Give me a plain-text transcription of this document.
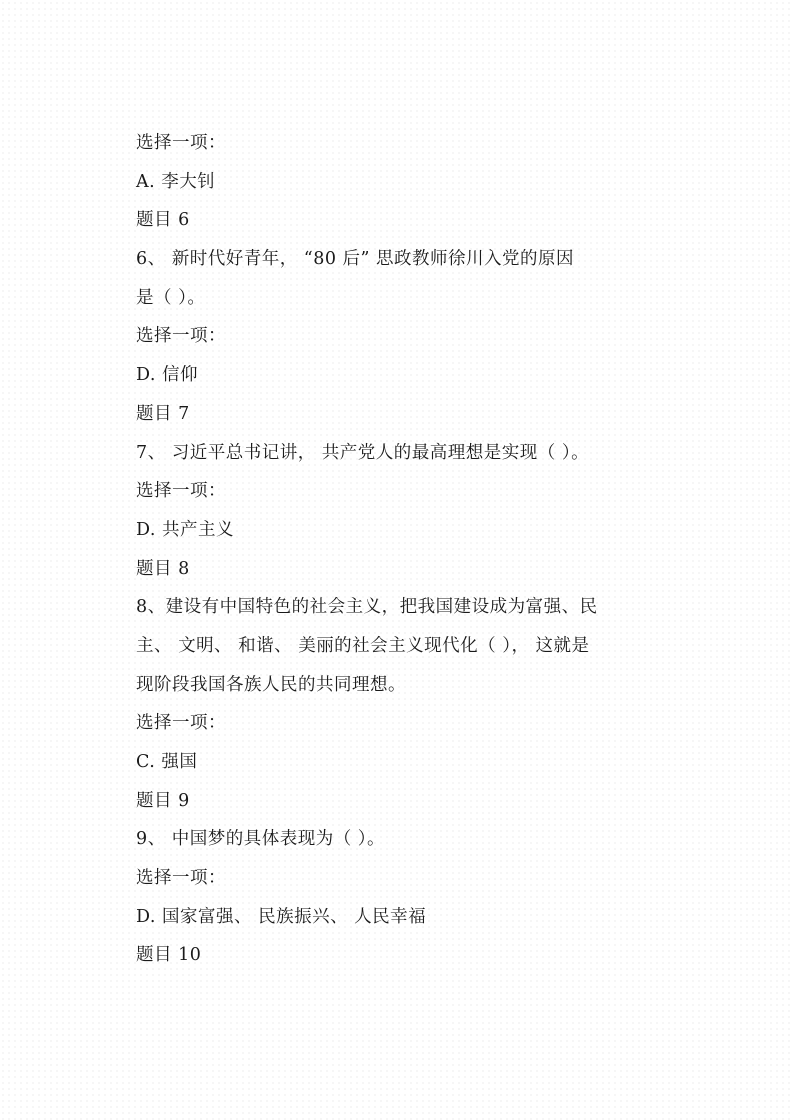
选择一项：
A. 李大钊
题目 6
6、 新时代好青年， “80 后” 思政教师徐川入党的原因
是（ ）。
选择一项：
D. 信仰
题目 7
7、 习近平总书记讲， 共产党人的最高理想是实现（ ）。
选择一项：
D. 共产主义
题目 8
8、建设有中国特色的社会主义，把我国建设成为富强、民
主、 文明、 和谐、 美丽的社会主义现代化（ ）， 这就是
现阶段我国各族人民的共同理想。
选择一项：
C. 强国
题目 9
9、 中国梦的具体表现为（ ）。
选择一项：
D. 国家富强、 民族振兴、 人民幸福
题目 10
